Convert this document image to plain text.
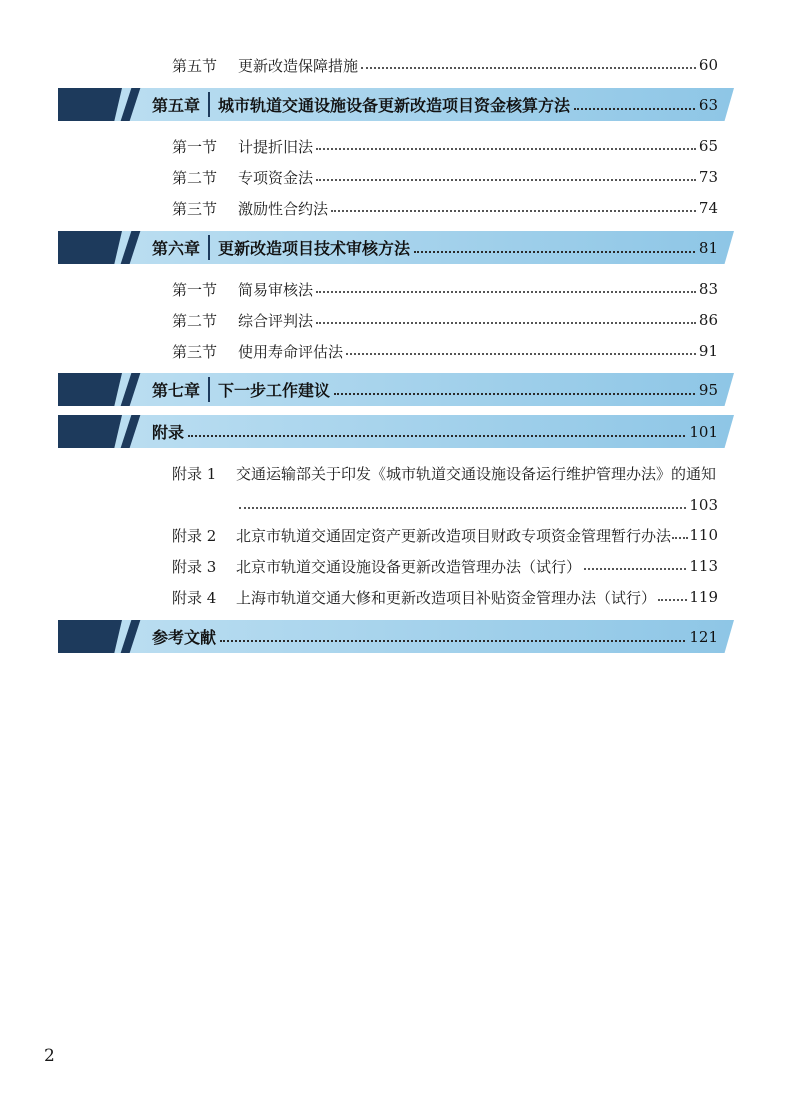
第五节	更新改造保障措施	60
第五章 城市轨道交通设施设备更新改造项目资金核算方法	63
第一节	计提折旧法	65
第二节	专项资金法	73
第三节	激励性合约法	74
第六章 更新改造项目技术审核方法	81
第一节	简易审核法	83
第二节	综合评判法	86
第三节	使用寿命评估法	91
第七章 下一步工作建议	95
附录	101
附录 1	交通运输部关于印发《城市轨道交通设施设备运行维护管理办法》的通知
103
附录 2	北京市轨道交通固定资产更新改造项目财政专项资金管理暂行办法 110
附录 3	北京市轨道交通设施设备更新改造管理办法（试行）	113
附录 4	上海市轨道交通大修和更新改造项目补贴资金管理办法（试行） 119
参考文献	121
2
